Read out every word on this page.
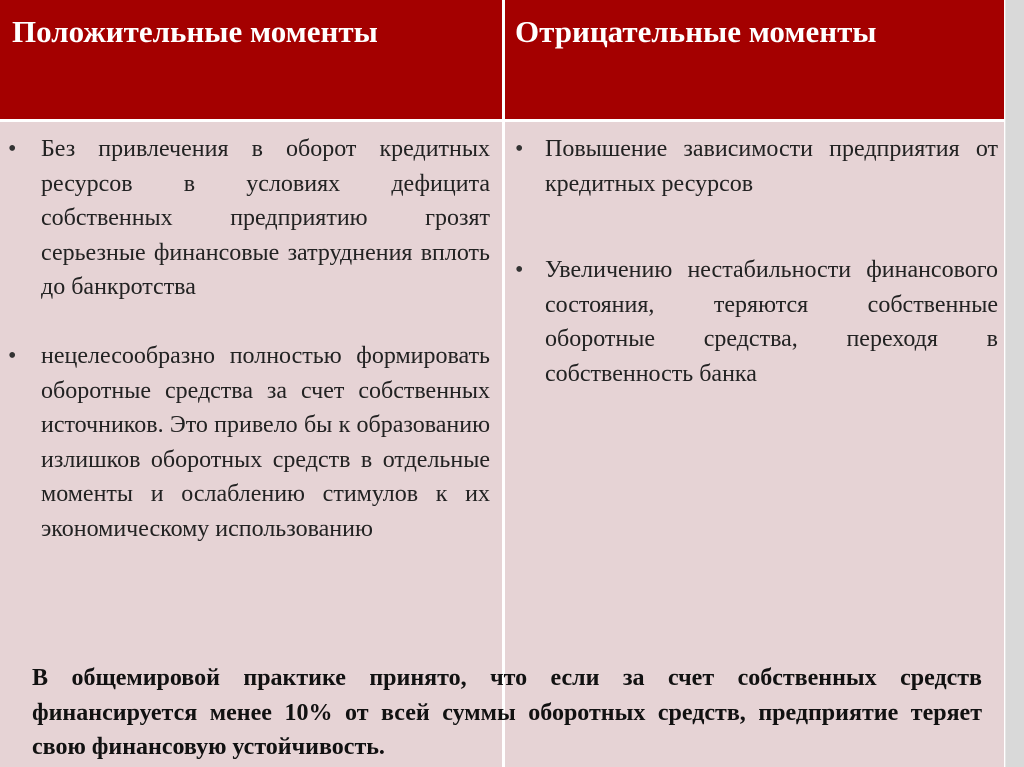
Положительные моменты	Отрицательные моменты
• Без привлечения в оборот кредитных ресурсов в условиях дефицита собственных предприятию грозят серьезные финансовые затруднения вплоть до банкротства
• нецелесообразно полностью формировать оборотные средства за счет собственных источников. Это привело бы к образованию излишков оборотных средств в отдельные моменты и ослаблению стимулов к их экономическому использованию
• Повышение зависимости предприятия от кредитных ресурсов
• Увеличению нестабильности финансового состояния, теряются собственные оборотные средства, переходя в собственность банка
В общемировой практике принято, что если за счет собственных средств финансируется менее 10% от всей суммы оборотных средств, предприятие теряет свою финансовую устойчивость.
